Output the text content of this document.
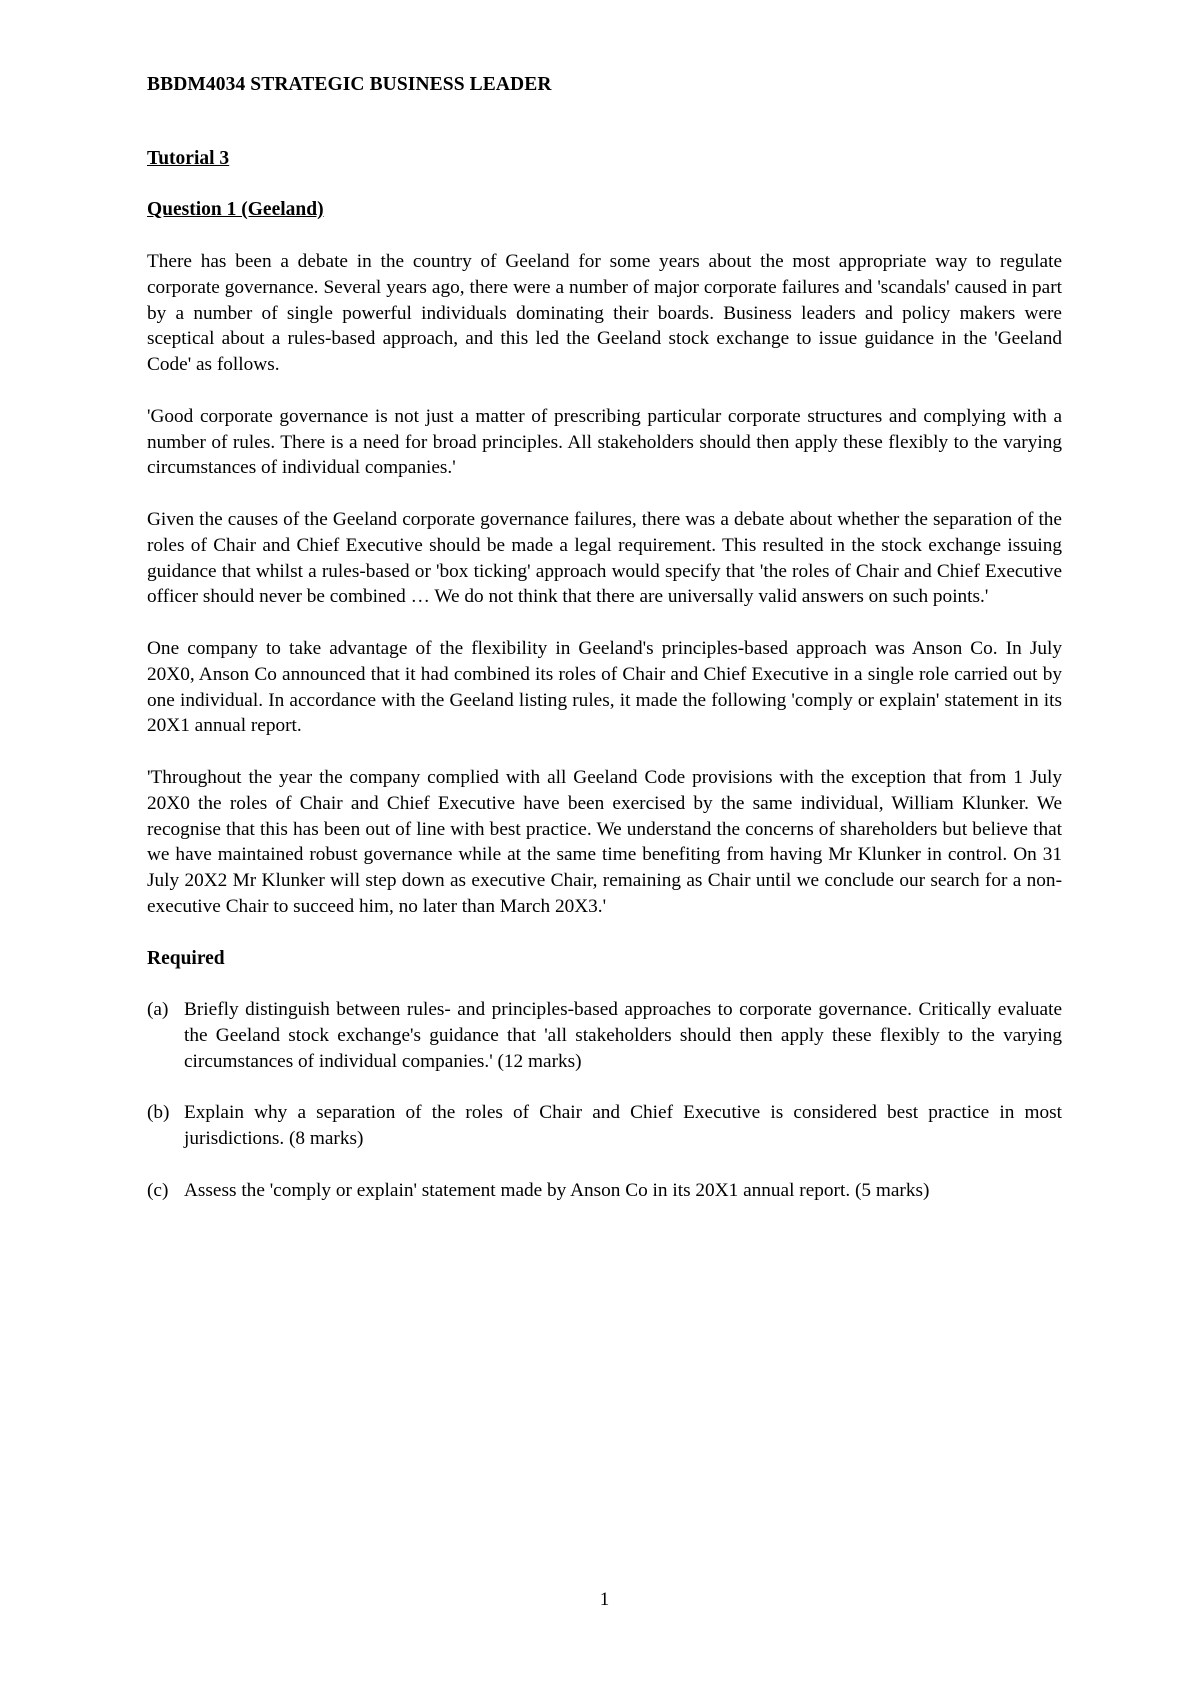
BBDM4034 STRATEGIC BUSINESS LEADER

Tutorial 3

Question 1 (Geeland)

There has been a debate in the country of Geeland for some years about the most appropriate way to regulate corporate governance. Several years ago, there were a number of major corporate failures and 'scandals' caused in part by a number of single powerful individuals dominating their boards. Business leaders and policy makers were sceptical about a rules-based approach, and this led the Geeland stock exchange to issue guidance in the 'Geeland Code' as follows.

'Good corporate governance is not just a matter of prescribing particular corporate structures and complying with a number of rules. There is a need for broad principles. All stakeholders should then apply these flexibly to the varying circumstances of individual companies.'

Given the causes of the Geeland corporate governance failures, there was a debate about whether the separation of the roles of Chair and Chief Executive should be made a legal requirement. This resulted in the stock exchange issuing guidance that whilst a rules-based or 'box ticking' approach would specify that 'the roles of Chair and Chief Executive officer should never be combined … We do not think that there are universally valid answers on such points.'

One company to take advantage of the flexibility in Geeland's principles-based approach was Anson Co. In July 20X0, Anson Co announced that it had combined its roles of Chair and Chief Executive in a single role carried out by one individual. In accordance with the Geeland listing rules, it made the following 'comply or explain' statement in its 20X1 annual report.

'Throughout the year the company complied with all Geeland Code provisions with the exception that from 1 July 20X0 the roles of Chair and Chief Executive have been exercised by the same individual, William Klunker. We recognise that this has been out of line with best practice. We understand the concerns of shareholders but believe that we have maintained robust governance while at the same time benefiting from having Mr Klunker in control. On 31 July 20X2 Mr Klunker will step down as executive Chair, remaining as Chair until we conclude our search for a non-executive Chair to succeed him, no later than March 20X3.'

Required

(a) Briefly distinguish between rules- and principles-based approaches to corporate governance. Critically evaluate the Geeland stock exchange's guidance that 'all stakeholders should then apply these flexibly to the varying circumstances of individual companies.' (12 marks)
(b) Explain why a separation of the roles of Chair and Chief Executive is considered best practice in most jurisdictions. (8 marks)
(c) Assess the 'comply or explain' statement made by Anson Co in its 20X1 annual report. (5 marks)

1
